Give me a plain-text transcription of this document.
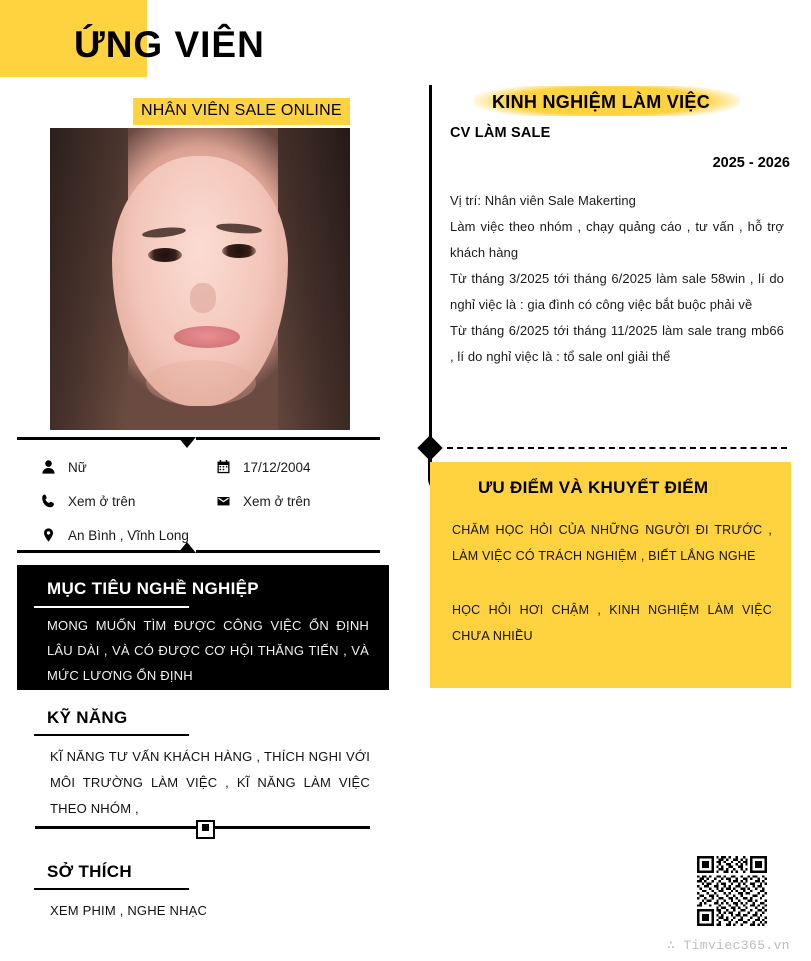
ỨNG VIÊN
NHÂN VIÊN SALE ONLINE
Nữ	17/12/2004
Xem ở trên	Xem ở trên
An Bình , Vĩnh Long
MỤC TIÊU NGHỀ NGHIỆP

MONG MUỐN TÌM ĐƯỢC CÔNG VIỆC ỔN ĐỊNH LÂU DÀI , VÀ CÓ ĐƯỢC CƠ HỘI THĂNG TIẾN , VÀ MỨC LƯƠNG ỔN ĐỊNH

KỸ NĂNG

KĨ NĂNG TƯ VẤN KHÁCH HÀNG , THÍCH NGHI VỚI MÔI TRƯỜNG LÀM VIỆC , KĨ NĂNG LÀM VIỆC THEO NHÓM ,

SỞ THÍCH

XEM PHIM , NGHE NHẠC

KINH NGHIỆM LÀM VIỆC
CV LÀM SALE
2025 - 2026

Vị trí: Nhân viên Sale Makerting

Làm việc theo nhóm , chạy quảng cáo , tư vấn , hỗ trợ khách hàng

Từ tháng 3/2025 tới tháng 6/2025 làm sale 58win , lí do nghỉ việc là : gia đình có công việc bắt buộc phải về

Từ tháng 6/2025 tới tháng 11/2025 làm sale trang mb66 , lí do nghỉ việc là : tổ sale onl giải thể

ƯU ĐIỂM VÀ KHUYẾT ĐIỂM

CHĂM HỌC HỎI CỦA NHỮNG NGƯỜI ĐI TRƯỚC , LÀM VIỆC CÓ TRÁCH NGHIỆM , BIẾT LẮNG NGHE

HỌC HỎI HƠI CHẬM , KINH NGHIỆM LÀM VIỆC CHƯA NHIỀU

∴ Timviec365.vn
